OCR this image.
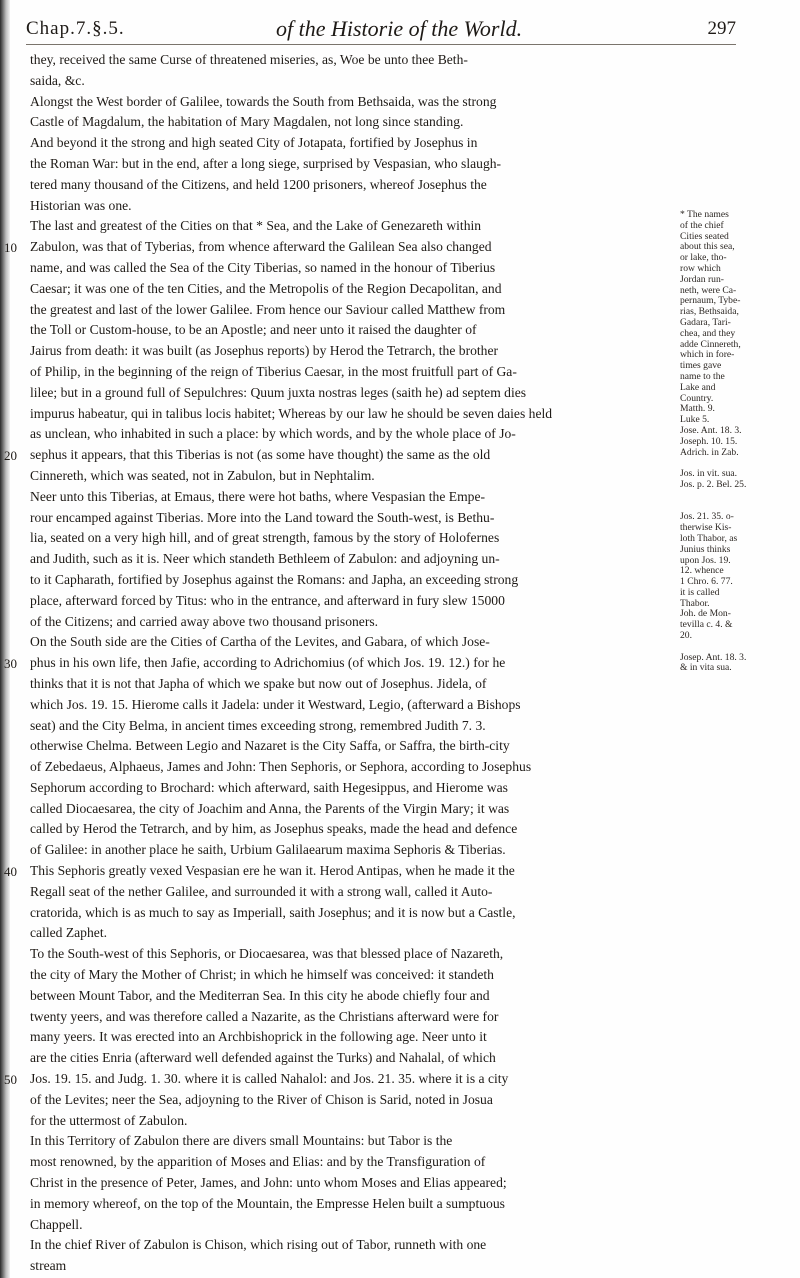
Chap.7.§.5.	of the Historie of the World.	297
they, received the same Curse of threatened miseries, as, Woe be unto thee Beth-
saida, &c.
Alongst the West border of Galilee, towards the South from Bethsaida, was the strong
Castle of Magdalum, the habitation of Mary Magdalen, not long since standing.
And beyond it the strong and high seated City of Jotapata, fortified by Josephus in
the Roman War: but in the end, after a long siege, surprised by Vespasian, who slaugh-
tered many thousand of the Citizens, and held 1200 prisoners, whereof Josephus the
Historian was one.
The last and greatest of the Cities on that * Sea, and the Lake of Genezareth within
Zabulon, was that of Tyberias, from whence afterward the Galilean Sea also changed
name, and was called the Sea of the City Tiberias, so named in the honour of Tiberius
Caesar; it was one of the ten Cities, and the Metropolis of the Region Decapolitan, and
the greatest and last of the lower Galilee. From hence our Saviour called Matthew from
the Toll or Custom-house, to be an Apostle; and neer unto it raised the daughter of
Jairus from death: it was built (as Josephus reports) by Herod the Tetrarch, the brother
of Philip, in the beginning of the reign of Tiberius Caesar, in the most fruitfull part of Ga-
lilee; but in a ground full of Sepulchres: Quum juxta nostras leges (saith he) ad septem dies
impurus habeatur, qui in talibus locis habitet; Whereas by our law he should be seven daies held
as unclean, who inhabited in such a place: by which words, and by the whole place of Jo-
sephus it appears, that this Tiberias is not (as some have thought) the same as the old
Cinnereth, which was seated, not in Zabulon, but in Nephtalim.
Neer unto this Tiberias, at Emaus, there were hot baths, where Vespasian the Empe-
rour encamped against Tiberias. More into the Land toward the South-west, is Bethu-
lia, seated on a very high hill, and of great strength, famous by the story of Holofernes
and Judith, such as it is. Neer which standeth Bethleem of Zabulon: and adjoyning un-
to it Capharath, fortified by Josephus against the Romans: and Japha, an exceeding strong
place, afterward forced by Titus: who in the entrance, and afterward in fury slew 15000
of the Citizens; and carried away above two thousand prisoners.
On the South side are the Cities of Cartha of the Levites, and Gabara, of which Jose-
phus in his own life, then Jafie, according to Adrichomius (of which Jos. 19. 12.) for he
thinks that it is not that Japha of which we spake but now out of Josephus. Jidela, of
which Jos. 19. 15. Hierome calls it Jadela: under it Westward, Legio, (afterward a Bishops
seat) and the City Belma, in ancient times exceeding strong, remembred Judith 7. 3.
otherwise Chelma. Between Legio and Nazaret is the City Saffa, or Saffra, the birth-city
of Zebedaeus, Alphaeus, James and John: Then Sephoris, or Sephora, according to Josephus
Sephorum according to Brochard: which afterward, saith Hegesippus, and Hierome was
called Diocaesarea, the city of Joachim and Anna, the Parents of the Virgin Mary; it was
called by Herod the Tetrarch, and by him, as Josephus speaks, made the head and defence
of Galilee: in another place he saith, Urbium Galilaearum maxima Sephoris & Tiberias.
This Sephoris greatly vexed Vespasian ere he wan it. Herod Antipas, when he made it the
Regall seat of the nether Galilee, and surrounded it with a strong wall, called it Auto-
cratorida, which is as much to say as Imperiall, saith Josephus; and it is now but a Castle,
called Zaphet.
To the South-west of this Sephoris, or Diocaesarea, was that blessed place of Nazareth,
the city of Mary the Mother of Christ; in which he himself was conceived: it standeth
between Mount Tabor, and the Mediterran Sea. In this city he abode chiefly four and
twenty yeers, and was therefore called a Nazarite, as the Christians afterward were for
many yeers. It was erected into an Archbishoprick in the following age. Neer unto it
are the cities Enria (afterward well defended against the Turks) and Nahalal, of which
Jos. 19. 15. and Judg. 1. 30. where it is called Nahalol: and Jos. 21. 35. where it is a city
of the Levites; neer the Sea, adjoyning to the River of Chison is Sarid, noted in Josua
for the uttermost of Zabulon.
In this Territory of Zabulon there are divers small Mountains: but Tabor is the
most renowned, by the apparition of Moses and Elias: and by the Transfiguration of
Christ in the presence of Peter, James, and John: unto whom Moses and Elias appeared;
in memory whereof, on the top of the Mountain, the Empresse Helen built a sumptuous
Chappell.
In the chief River of Zabulon is Chison, which rising out of Tabor, runneth with one
stream
* The names
of the chief
Cities seated
about this sea,
or lake, tho-
row which
Jordan run-
neth, were Ca-
pernaum, Tybe-
rias, Bethsaida,
Gadara, Tari-
chea, and they
adde Cinnereth,
which in fore-
times gave
name to the
Lake and
Country.
Matth. 9.
Luke 5.
Jose. Ant. 18. 3.
Joseph. 10. 15.
Adrich. in Zab.
Jos. in vit. sua.
Jos. p. 2. Bel. 25.
Jos. 21. 35. o-
therwise Kis-
loth Thabor, as
Junius thinks
upon Jos. 19.
12. whence
1 Chro. 6. 77.
it is called
Thabor.
Joh. de Mon-
tevilla c. 4. &
20.
Josep. Ant. 18. 3.
& in vita sua.
10
20
30
40
50
